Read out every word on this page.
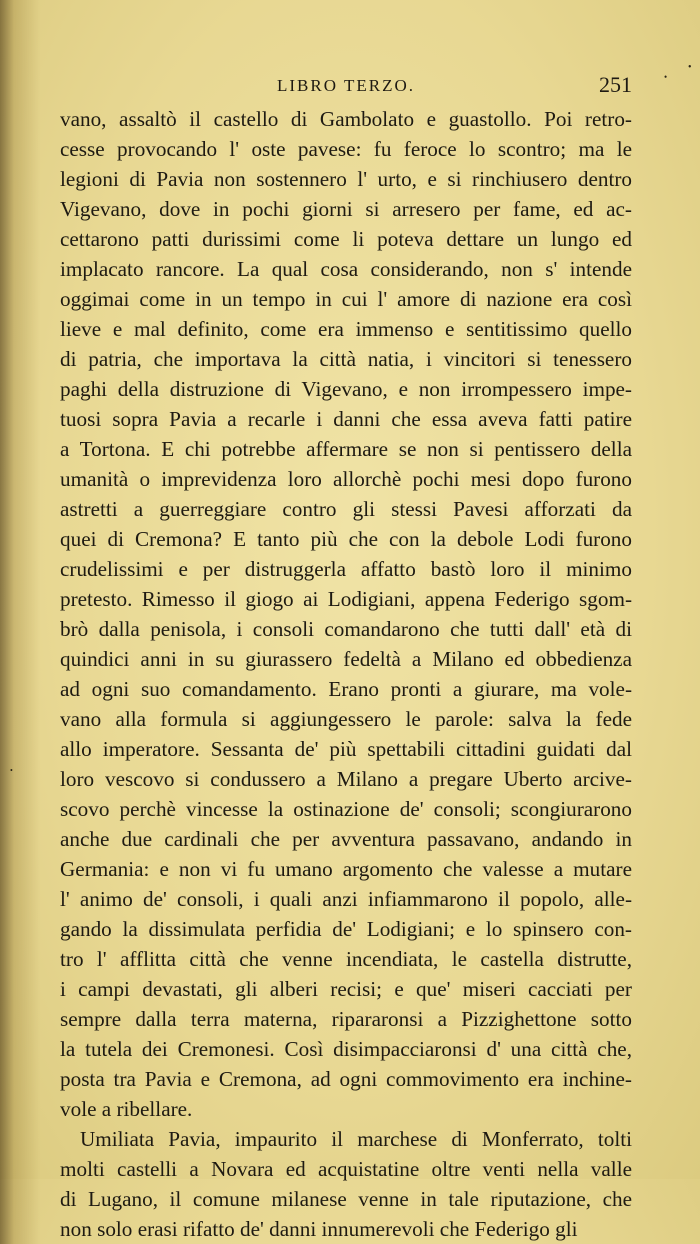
LIBRO TERZO.	251
•
•
•

vano, assaltò il castello di Gambolato e guastollo. Poi retro-
cesse provocando l' oste pavese: fu feroce lo scontro; ma le
legioni di Pavia non sostennero l' urto, e si rinchiusero dentro
Vigevano, dove in pochi giorni si arresero per fame, ed ac-
cettarono patti durissimi come li poteva dettare un lungo ed
implacato rancore. La qual cosa considerando, non s' intende
oggimai come in un tempo in cui l' amore di nazione era così
lieve e mal definito, come era immenso e sentitissimo quello
di patria, che importava la città natia, i vincitori si tenessero
paghi della distruzione di Vigevano, e non irrompessero impe-
tuosi sopra Pavia a recarle i danni che essa aveva fatti patire
a Tortona. E chi potrebbe affermare se non si pentissero della
umanità o imprevidenza loro allorchè pochi mesi dopo furono
astretti a guerreggiare contro gli stessi Pavesi afforzati da
quei di Cremona? E tanto più che con la debole Lodi furono
crudelissimi e per distruggerla affatto bastò loro il minimo
pretesto. Rimesso il giogo ai Lodigiani, appena Federigo sgom-
brò dalla penisola, i consoli comandarono che tutti dall' età di
quindici anni in su giurassero fedeltà a Milano ed obbedienza
ad ogni suo comandamento. Erano pronti a giurare, ma vole-
vano alla formula si aggiungessero le parole: salva la fede
allo imperatore. Sessanta de' più spettabili cittadini guidati dal
loro vescovo si condussero a Milano a pregare Uberto arcive-
scovo perchè vincesse la ostinazione de' consoli; scongiurarono
anche due cardinali che per avventura passavano, andando in
Germania: e non vi fu umano argomento che valesse a mutare
l' animo de' consoli, i quali anzi infiammarono il popolo, alle-
gando la dissimulata perfidia de' Lodigiani; e lo spinsero con-
tro l' afflitta città che venne incendiata, le castella distrutte,
i campi devastati, gli alberi recisi; e que' miseri cacciati per
sempre dalla terra materna, ripararonsi a Pizzighettone sotto
la tutela dei Cremonesi. Così disimpacciaronsi d' una città che,
posta tra Pavia e Cremona, ad ogni commovimento era inchine-
vole a ribellare.

Umiliata Pavia, impaurito il marchese di Monferrato, tolti
molti castelli a Novara ed acquistatine oltre venti nella valle
di Lugano, il comune milanese venne in tale riputazione, che
non solo erasi rifatto de' danni innumerevoli che Federigo gli
